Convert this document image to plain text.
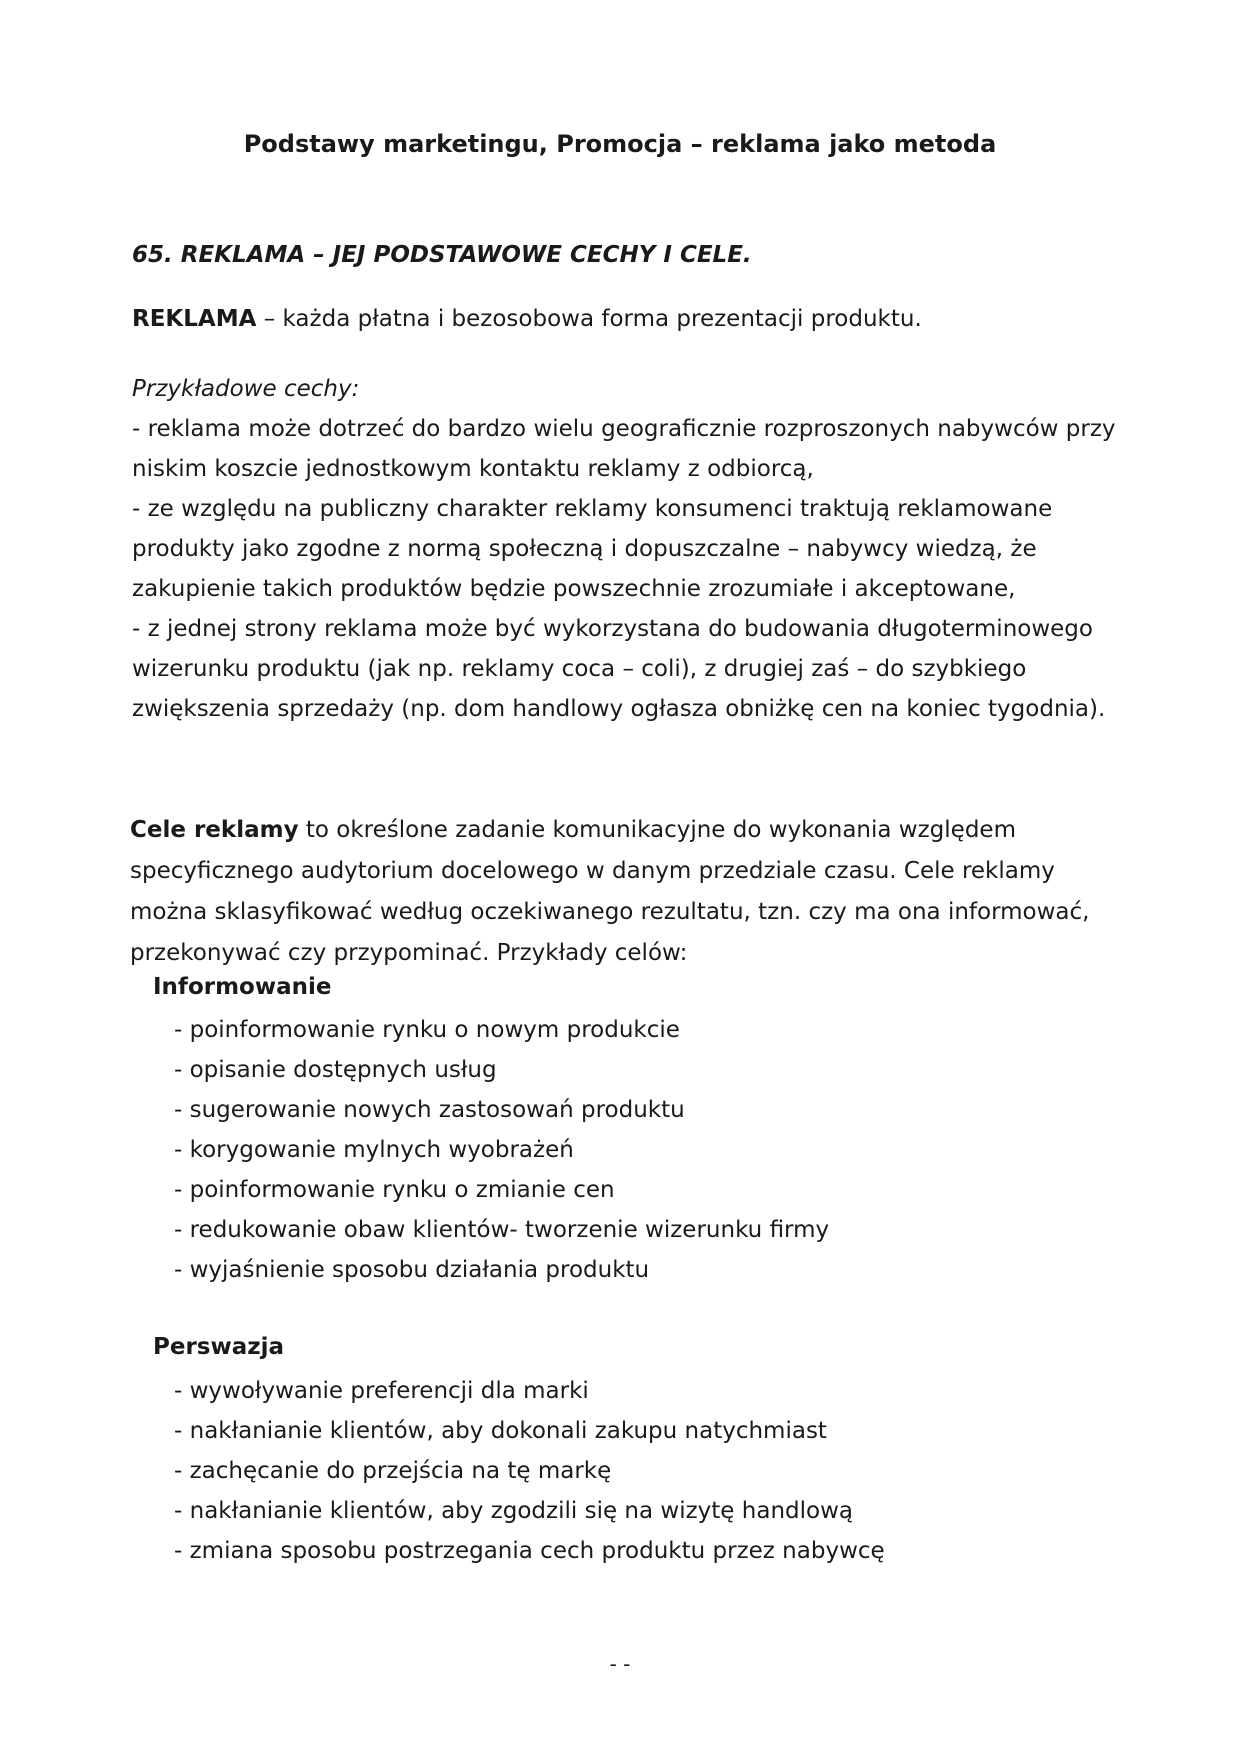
Podstawy marketingu, Promocja – reklama jako metoda
65. REKLAMA – JEJ PODSTAWOWE CECHY I CELE.
REKLAMA – każda płatna i bezosobowa forma prezentacji produktu.
Przykładowe cechy:
- reklama może dotrzeć do bardzo wielu geograficznie rozproszonych nabywców przy niskim koszcie jednostkowym kontaktu reklamy z odbiorcą,
- ze względu na publiczny charakter reklamy konsumenci traktują reklamowane produkty jako zgodne z normą społeczną i dopuszczalne – nabywcy wiedzą, że zakupienie takich produktów będzie powszechnie zrozumiałe i akceptowane,
- z jednej strony reklama może być wykorzystana do budowania długoterminowego wizerunku produktu (jak np. reklamy coca – coli), z drugiej zaś – do szybkiego zwiększenia sprzedaży (np. dom handlowy ogłasza obniżkę cen na koniec tygodnia).
Cele reklamy to określone zadanie komunikacyjne do wykonania względem specyficznego audytorium docelowego w danym przedziale czasu. Cele reklamy można sklasyfikować według oczekiwanego rezultatu, tzn. czy ma ona informować, przekonywać czy przypominać. Przykłady celów:
Informowanie
- poinformowanie rynku o nowym produkcie
- opisanie dostępnych usług
- sugerowanie nowych zastosowań produktu
- korygowanie mylnych wyobrażeń
- poinformowanie rynku o zmianie cen
- redukowanie obaw klientów- tworzenie wizerunku firmy
- wyjaśnienie sposobu działania produktu
Perswazja
- wywoływanie preferencji dla marki
- nakłanianie klientów, aby dokonali zakupu natychmiast
- zachęcanie do przejścia na tę markę
- nakłanianie klientów, aby zgodzili się na wizytę handlową
- zmiana sposobu postrzegania cech produktu przez nabywcę
- -
